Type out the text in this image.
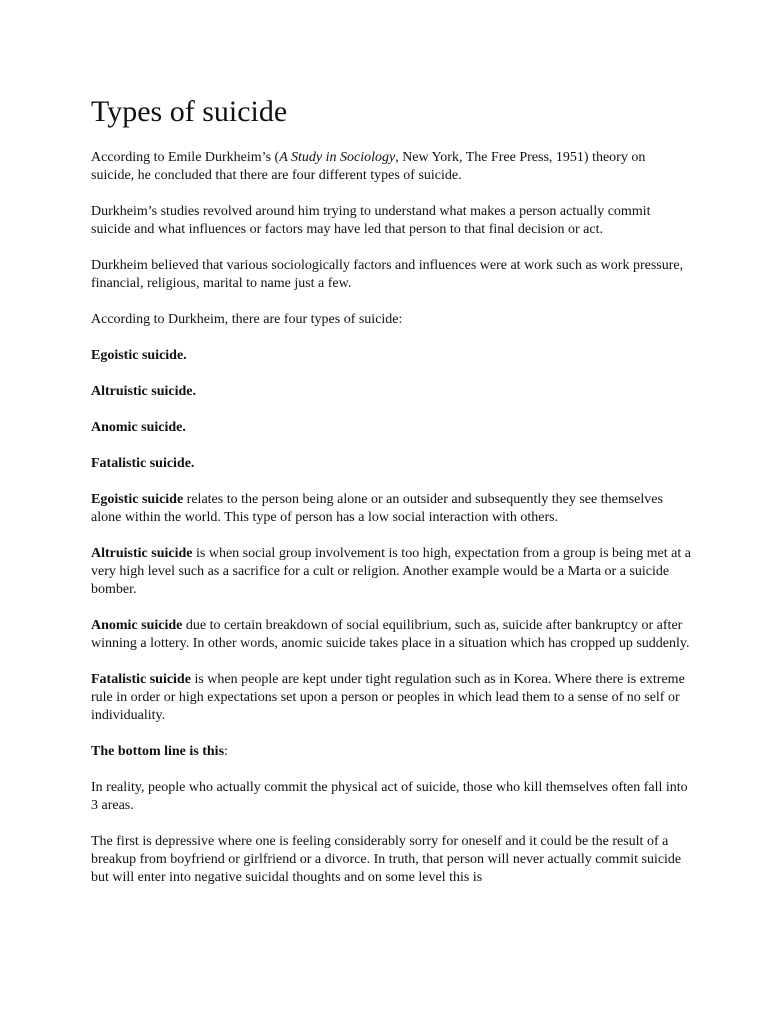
Types of suicide

According to Emile Durkheim’s (A Study in Sociology, New York, The Free Press, 1951) theory on suicide, he concluded that there are four different types of suicide.

Durkheim’s studies revolved around him trying to understand what makes a person actually commit suicide and what influences or factors may have led that person to that final decision or act.

Durkheim believed that various sociologically factors and influences were at work such as work pressure, financial, religious, marital to name just a few.

According to Durkheim, there are four types of suicide:

Egoistic suicide.

Altruistic suicide.

Anomic suicide.

Fatalistic suicide.

Egoistic suicide relates to the person being alone or an outsider and subsequently they see themselves alone within the world. This type of person has a low social interaction with others.

Altruistic suicide is when social group involvement is too high, expectation from a group is being met at a very high level such as a sacrifice for a cult or religion. Another example would be a Marta or a suicide bomber.

Anomic suicide due to certain breakdown of social equilibrium, such as, suicide after bankruptcy or after winning a lottery. In other words, anomic suicide takes place in a situation which has cropped up suddenly.

Fatalistic suicide is when people are kept under tight regulation such as in Korea. Where there is extreme rule in order or high expectations set upon a person or peoples in which lead them to a sense of no self or individuality.

The bottom line is this:

In reality, people who actually commit the physical act of suicide, those who kill themselves often fall into 3 areas.

The first is depressive where one is feeling considerably sorry for oneself and it could be the result of a breakup from boyfriend or girlfriend or a divorce. In truth, that person will never actually commit suicide but will enter into negative suicidal thoughts and on some level this is
